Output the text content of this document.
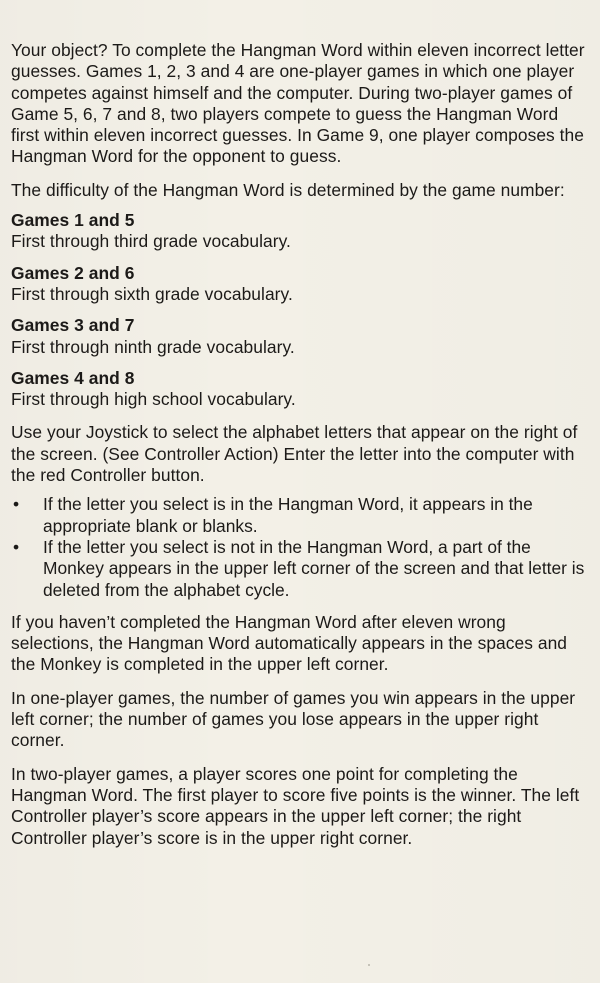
Your object? To complete the Hangman Word within eleven incorrect letter guesses. Games 1, 2, 3 and 4 are one-player games in which one player competes against himself and the computer. During two-player games of Game 5, 6, 7 and 8, two players compete to guess the Hangman Word first within eleven incorrect guesses. In Game 9, one player composes the Hangman Word for the opponent to guess.

The difficulty of the Hangman Word is determined by the game number:

Games 1 and 5

First through third grade vocabulary.

Games 2 and 6

First through sixth grade vocabulary.

Games 3 and 7

First through ninth grade vocabulary.

Games 4 and 8

First through high school vocabulary.

Use your Joystick to select the alphabet letters that appear on the right of the screen. (See Controller Action) Enter the letter into the computer with the red Controller button.

• If the letter you select is in the Hangman Word, it appears in the appropriate blank or blanks.
• If the letter you select is not in the Hangman Word, a part of the Monkey appears in the upper left corner of the screen and that letter is deleted from the alphabet cycle.

If you haven’t completed the Hangman Word after eleven wrong selections, the Hangman Word automatically appears in the spaces and the Monkey is completed in the upper left corner.

In one-player games, the number of games you win appears in the upper left corner; the number of games you lose appears in the upper right corner.

In two-player games, a player scores one point for completing the Hangman Word. The first player to score five points is the winner. The left Controller player’s score appears in the upper left corner; the right Controller player’s score is in the upper right corner.
